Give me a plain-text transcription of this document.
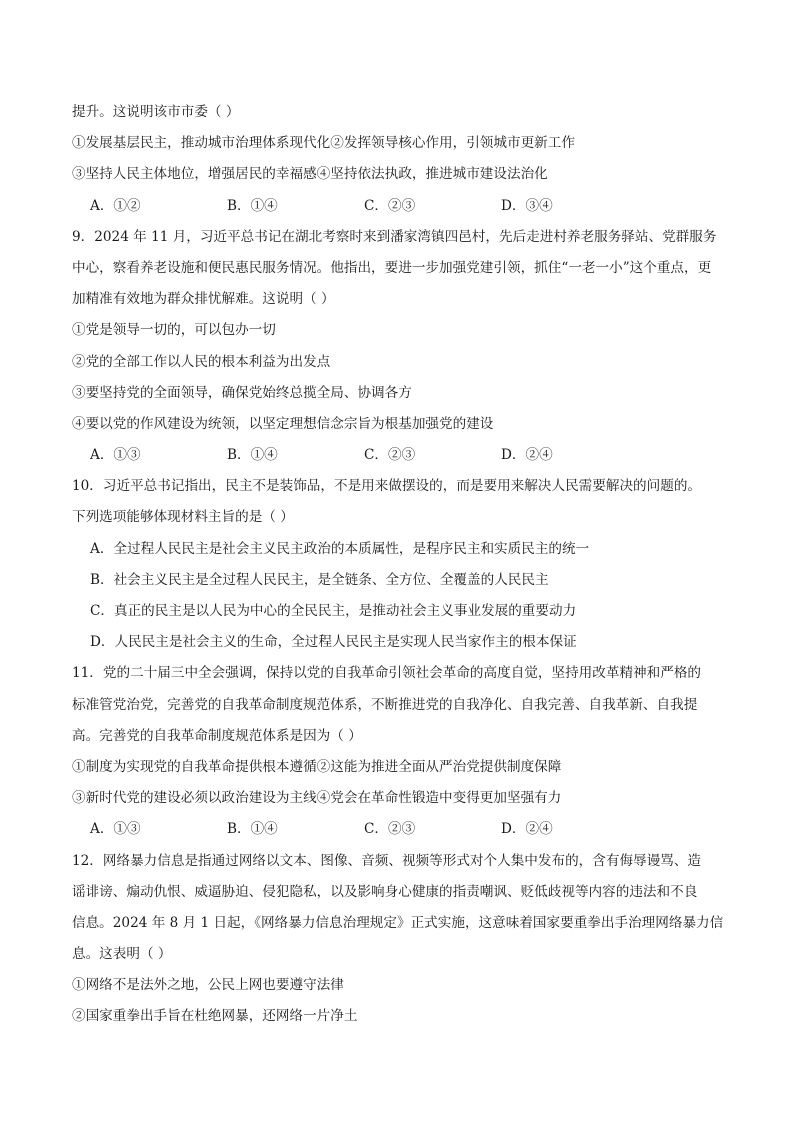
提升。这说明该市市委（ ）
①发展基层民主，推动城市治理体系现代化②发挥领导核心作用，引领城市更新工作
③坚持人民主体地位，增强居民的幸福感④坚持依法执政，推进城市建设法治化
A．①②	B．①④	C．②③	D．③④
9．2024 年 11 月，习近平总书记在湖北考察时来到潘家湾镇四邑村，先后走进村养老服务驿站、党群服务
中心，察看养老设施和便民惠民服务情况。他指出，要进一步加强党建引领，抓住“一老一小”这个重点，更
加精准有效地为群众排忧解难。这说明（ ）
①党是领导一切的，可以包办一切
②党的全部工作以人民的根本利益为出发点
③要坚持党的全面领导，确保党始终总揽全局、协调各方
④要以党的作风建设为统领，以坚定理想信念宗旨为根基加强党的建设
A．①③	B．①④	C．②③	D．②④
10．习近平总书记指出，民主不是装饰品，不是用来做摆设的，而是要用来解决人民需要解决的问题的。
下列选项能够体现材料主旨的是（ ）
A．全过程人民民主是社会主义民主政治的本质属性，是程序民主和实质民主的统一
B．社会主义民主是全过程人民民主，是全链条、全方位、全覆盖的人民民主
C．真正的民主是以人民为中心的全民民主，是推动社会主义事业发展的重要动力
D．人民民主是社会主义的生命，全过程人民民主是实现人民当家作主的根本保证
11．党的二十届三中全会强调，保持以党的自我革命引领社会革命的高度自觉，坚持用改革精神和严格的
标准管党治党，完善党的自我革命制度规范体系，不断推进党的自我净化、自我完善、自我革新、自我提
高。完善党的自我革命制度规范体系是因为（ ）
①制度为实现党的自我革命提供根本遵循②这能为推进全面从严治党提供制度保障
③新时代党的建设必须以政治建设为主线④党会在革命性锻造中变得更加坚强有力
A．①③	B．①④	C．②③	D．②④
12．网络暴力信息是指通过网络以文本、图像、音频、视频等形式对个人集中发布的，含有侮辱谩骂、造
谣诽谤、煽动仇恨、威逼胁迫、侵犯隐私，以及影响身心健康的指责嘲讽、贬低歧视等内容的违法和不良
信息。2024 年 8 月 1 日起，《网络暴力信息治理规定》正式实施，这意味着国家要重拳出手治理网络暴力信
息。这表明（ ）
①网络不是法外之地，公民上网也要遵守法律
②国家重拳出手旨在杜绝网暴，还网络一片净土
